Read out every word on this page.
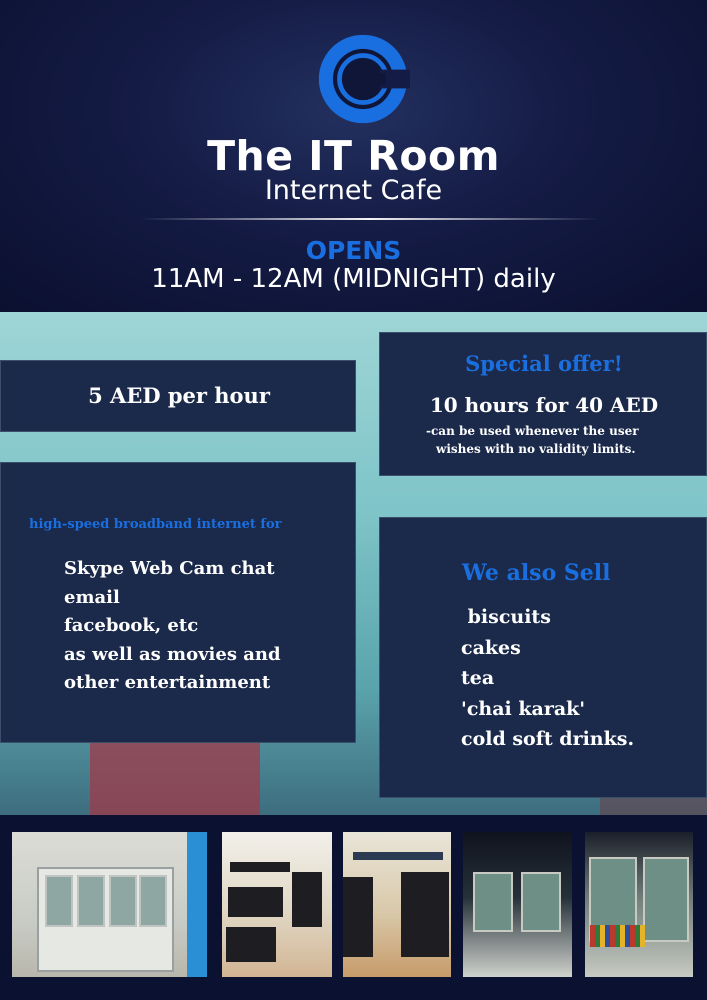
The IT Room
Internet Cafe
OPENS
11AM - 12AM (MIDNIGHT) daily
5 AED per hour
Special offer!
10 hours for 40 AED
-can be used whenever the user
wishes with no validity limits.
high-speed broadband internet for
Skype Web Cam chat
email
facebook, etc
as well as movies and
other entertainment
We also Sell
biscuits
cakes
tea
'chai karak'
cold soft drinks.
